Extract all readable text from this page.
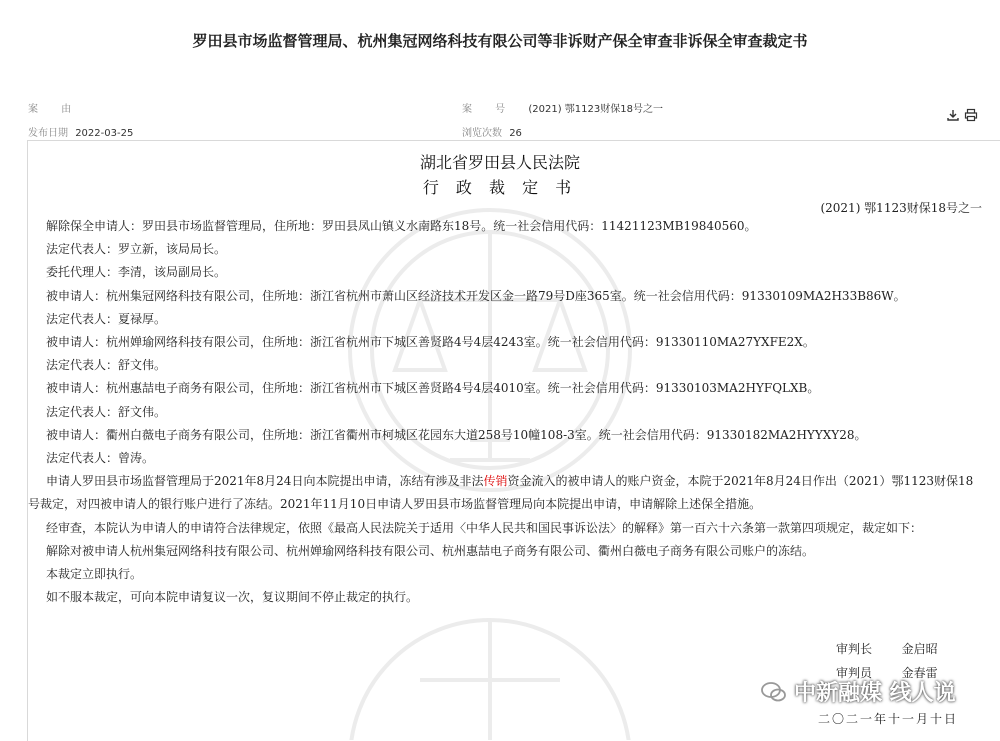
罗田县市场监督管理局、杭州集冠网络科技有限公司等非诉财产保全审查非诉保全审查裁定书
案 由	案 号 (2021) 鄂1123财保18号之一
发布日期 2022-03-25	浏览次数 26
湖北省罗田县人民法院
行 政 裁 定 书
(2021) 鄂1123财保18号之一

解除保全申请人：罗田县市场监督管理局，住所地：罗田县凤山镇义水南路东18号。统一社会信用代码：11421123MB19840560。

法定代表人：罗立新，该局局长。

委托代理人：李清，该局副局长。

被申请人：杭州集冠网络科技有限公司，住所地：浙江省杭州市萧山区经济技术开发区金一路79号D座365室。统一社会信用代码：91330109MA2H33B86W。

法定代表人：夏禄厚。

被申请人：杭州婵瑜网络科技有限公司，住所地：浙江省杭州市下城区善贤路4号4层4243室。统一社会信用代码：91330110MA27YXFE2X。

法定代表人：舒文伟。

被申请人：杭州惠喆电子商务有限公司，住所地：浙江省杭州市下城区善贤路4号4层4010室。统一社会信用代码：91330103MA2HYFQLXB。

法定代表人：舒文伟。

被申请人：衢州白薇电子商务有限公司，住所地：浙江省衢州市柯城区花园东大道258号10幢108-3室。统一社会信用代码：91330182MA2HYYXY28。

法定代表人：曾涛。

申请人罗田县市场监督管理局于2021年8月24日向本院提出申请，冻结有涉及非法传销资金流入的被申请人的账户资金，本院于2021年8月24日作出（2021）鄂1123财保18号裁定，对四被申请人的银行账户进行了冻结。2021年11月10日申请人罗田县市场监督管理局向本院提出申请，申请解除上述保全措施。

经审查，本院认为申请人的申请符合法律规定，依照《最高人民法院关于适用〈中华人民共和国民事诉讼法〉的解释》第一百六十六条第一款第四项规定，裁定如下：

解除对被申请人杭州集冠网络科技有限公司、杭州婵瑜网络科技有限公司、杭州惠喆电子商务有限公司、衢州白薇电子商务有限公司账户的冻结。

本裁定立即执行。

如不服本裁定，可向本院申请复议一次，复议期间不停止裁定的执行。

审判长 金启昭
审判员 金春雷
二〇二一年十一月十日
中新融媒 线人说
